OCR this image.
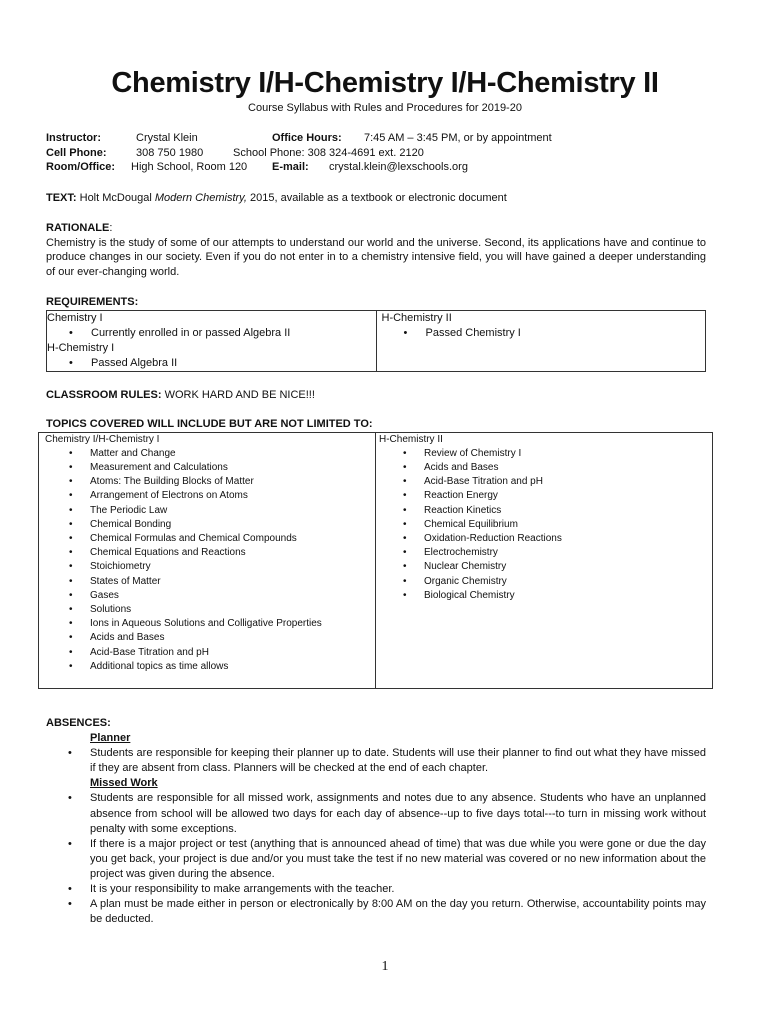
Chemistry I/H-Chemistry I/H-Chemistry II
Course Syllabus with Rules and Procedures for 2019-20
Instructor:	Crystal Klein	Office Hours:	7:45 AM – 3:45 PM, or by appointment
Cell Phone:	308 750 1980	School Phone: 308 324-4691 ext. 2120
Room/Office:	High School, Room 120	E-mail:	crystal.klein@lexschools.org
TEXT: Holt McDougal Modern Chemistry, 2015, available as a textbook or electronic document
RATIONALE:
Chemistry is the study of some of our attempts to understand our world and the universe. Second, its applications have and continue to produce changes in our society. Even if you do not enter in to a chemistry intensive field, you will have gained a deeper understanding of our ever-changing world.
REQUIREMENTS:
Chemistry I
• Currently enrolled in or passed Algebra II
H-Chemistry I
• Passed Algebra II

H-Chemistry II
• Passed Chemistry I
CLASSROOM RULES: WORK HARD AND BE NICE!!!
TOPICS COVERED WILL INCLUDE BUT ARE NOT LIMITED TO:
Chemistry I/H-Chemistry I
• Matter and Change
• Measurement and Calculations
• Atoms: The Building Blocks of Matter
• Arrangement of Electrons on Atoms
• The Periodic Law
• Chemical Bonding
• Chemical Formulas and Chemical Compounds
• Chemical Equations and Reactions
• Stoichiometry
• States of Matter
• Gases
• Solutions
• Ions in Aqueous Solutions and Colligative Properties
• Acids and Bases
• Acid-Base Titration and pH
• Additional topics as time allows

H-Chemistry II
• Review of Chemistry I
• Acids and Bases
• Acid-Base Titration and pH
• Reaction Energy
• Reaction Kinetics
• Chemical Equilibrium
• Oxidation-Reduction Reactions
• Electrochemistry
• Nuclear Chemistry
• Organic Chemistry
• Biological Chemistry
ABSENCES:
Planner
• Students are responsible for keeping their planner up to date. Students will use their planner to find out what they have missed if they are absent from class. Planners will be checked at the end of each chapter.
Missed Work
• Students are responsible for all missed work, assignments and notes due to any absence. Students who have an unplanned absence from school will be allowed two days for each day of absence--up to five days total---to turn in missing work without penalty with some exceptions.
• If there is a major project or test (anything that is announced ahead of time) that was due while you were gone or due the day you get back, your project is due and/or you must take the test if no new material was covered or no new information about the project was given during the absence.
• It is your responsibility to make arrangements with the teacher.
• A plan must be made either in person or electronically by 8:00 AM on the day you return. Otherwise, accountability points may be deducted.
1
